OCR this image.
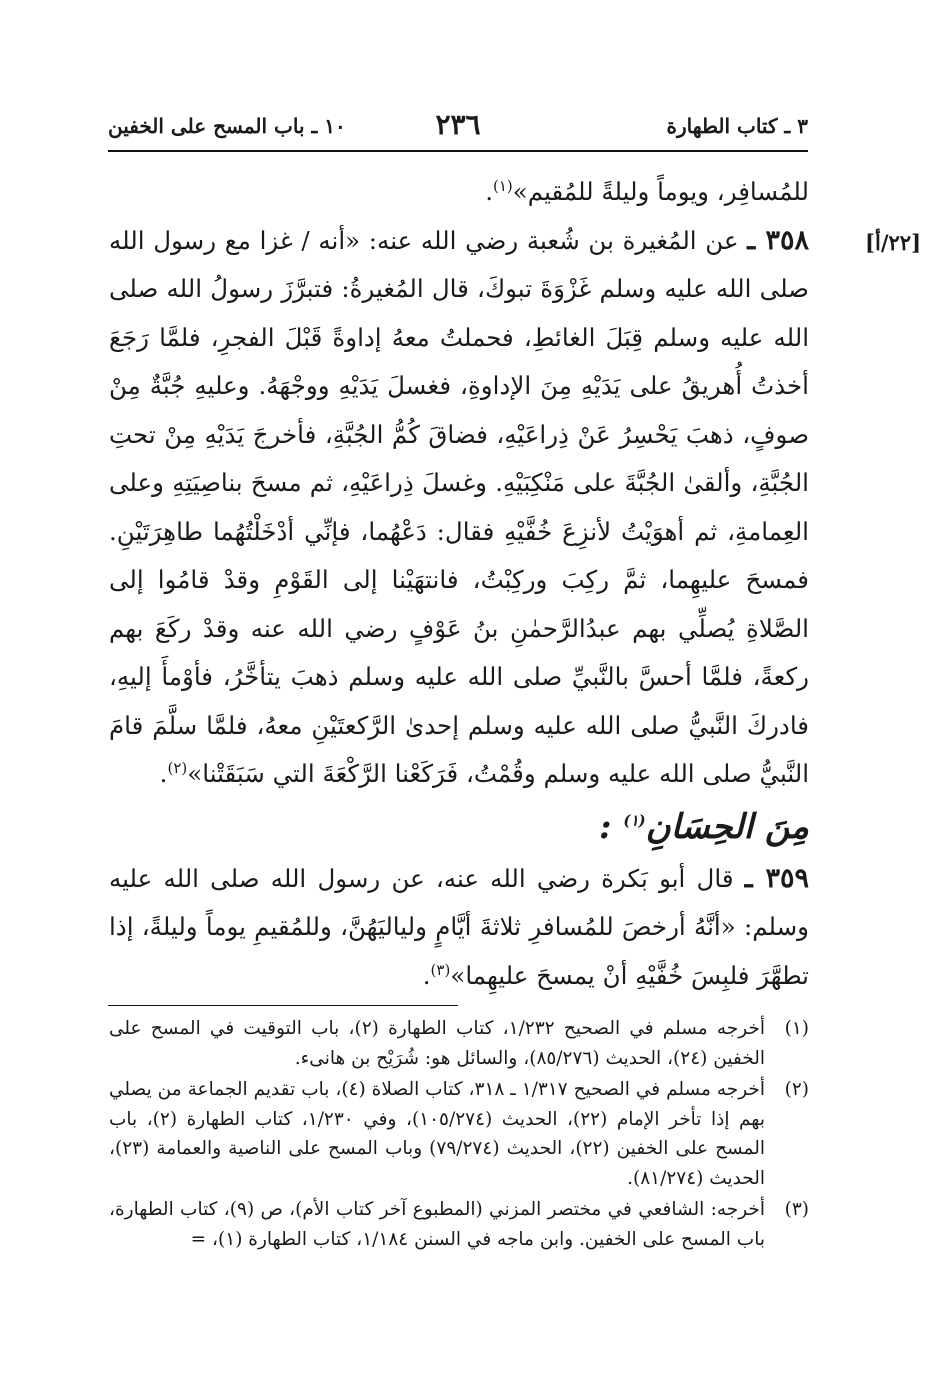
٣ ـ كتاب الطهارة
٢٣٦
١٠ ـ باب المسح على الخفين
[٢٢/أ]

للمُسافِر، ويوماً وليلةً للمُقيم»$^{(١)}$.

٣٥٨ ـ عن المُغيرة بن شُعبة رضي الله عنه: «أنه / غزا مع رسول الله صلى الله عليه وسلم غَزْوَةَ تبوكَ، قال المُغيرةُ: فتبرَّزَ رسولُ الله صلى الله عليه وسلم قِبَلَ الغائطِ، فحملتُ معهُ إداوةً قَبْلَ الفجرِ، فلمَّا رَجَعَ أخذتُ أُهريقُ على يَدَيْهِ مِنَ الإداوةِ، فغسلَ يَدَيْهِ ووجْهَهُ. وعليهِ جُبَّةٌ مِنْ صوفٍ، ذهبَ يَحْسِرُ عَنْ ذِراعَيْهِ، فضاقَ كُمُّ الجُبَّةِ، فأخرجَ يَدَيْهِ مِنْ تحتِ الجُبَّةِ، وألقىٰ الجُبَّةَ على مَنْكِبَيْهِ. وغسلَ ذِراعَيْهِ، ثم مسحَ بناصِيَتِهِ وعلى العِمامةِ، ثم أهوَيْتُ لأنزِعَ خُفَّيْهِ فقال: دَعْهُما، فإنِّي أدْخَلْتُهُما طاهِرَتَيْنِ. فمسحَ عليهِما، ثمَّ ركِبَ وركِبْتُ، فانتهَيْنا إلى القَوْمِ وقدْ قامُوا إلى الصَّلاةِ يُصلِّي بهم عبدُالرَّحمٰنِ بنُ عَوْفٍ رضي الله عنه وقدْ ركَعَ بهم ركعةً، فلمَّا أحسَّ بالنَّبيِّ صلى الله عليه وسلم ذهبَ يتأخَّرُ، فأوْمأَ إليهِ، فادركَ النَّبيُّ صلى الله عليه وسلم إحدىٰ الرَّكعتَيْنِ معهُ، فلمَّا سلَّمَ قامَ النَّبيُّ صلى الله عليه وسلم وقُمْتُ، فَرَكَعْنا الرَّكْعَةَ التي سَبَقَتْنا»$^{(٢)}$.

مِنَ الحِسَانِ$^{(١)}$ :

٣٥٩ ـ قال أبو بَكرة رضي الله عنه، عن رسول الله صلى الله عليه وسلم: «أنَّهُ أرخصَ للمُسافرِ ثلاثةَ أيَّامٍ ولياليَهُنَّ، وللمُقيمِ يوماً وليلةً، إذا تطهَّرَ فلبِسَ خُفَّيْهِ أنْ يمسحَ عليهِما»$^{(٣)}$.

(١)
أخرجه مسلم في الصحيح ١/٢٣٢، كتاب الطهارة (٢)، باب التوقيت في المسح على الخفين (٢٤)، الحديث (٨٥/٢٧٦)، والسائل هو: شُرَيْح بن هانىء.
(٢)
أخرجه مسلم في الصحيح ١/٣١٧ ـ ٣١٨، كتاب الصلاة (٤)، باب تقديم الجماعة من يصلي بهم إذا تأخر الإمام (٢٢)، الحديث (١٠٥/٢٧٤)، وفي ١/٢٣٠، كتاب الطهارة (٢)، باب المسح على الخفين (٢٢)، الحديث (٧٩/٢٧٤) وباب المسح على الناصية والعمامة (٢٣)، الحديث (٨١/٢٧٤).
(٣)
أخرجه: الشافعي في مختصر المزني (المطبوع آخر كتاب الأم)، ص (٩)، كتاب الطهارة، باب المسح على الخفين. وابن ماجه في السنن ١/١٨٤، كتاب الطهارة (١)، =
